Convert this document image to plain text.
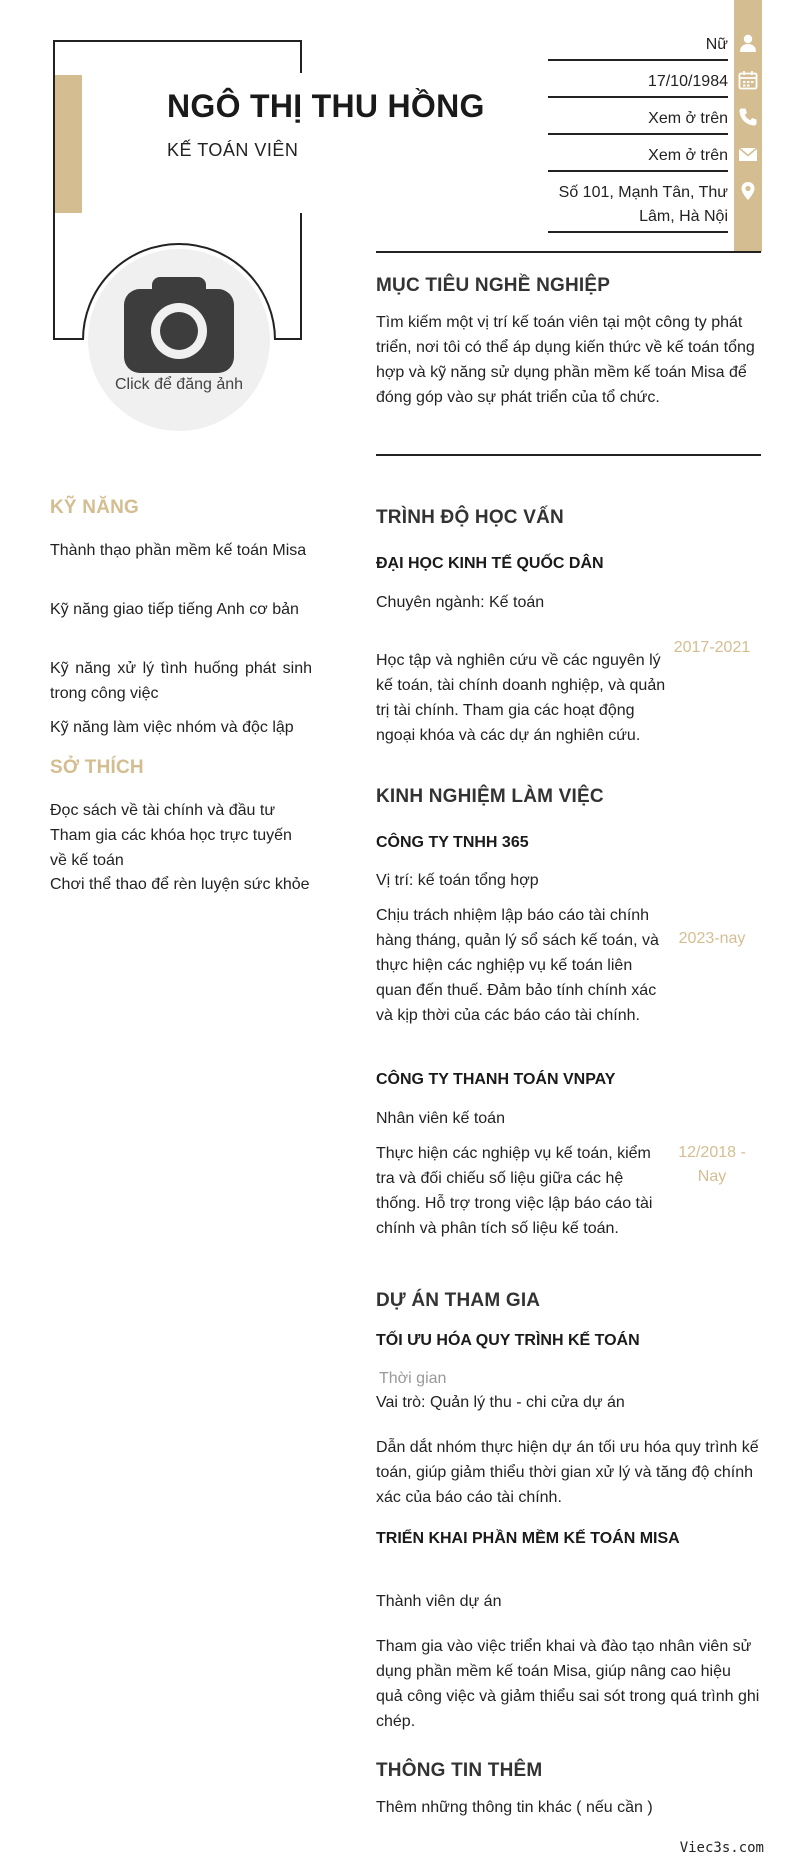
NGÔ THỊ THU HỒNG
KẾ TOÁN VIÊN
Click để đăng ảnh
Nữ
17/10/1984
Xem ở trên
Xem ở trên
Số 101, Mạnh Tân, Thư Lâm, Hà Nội
MỤC TIÊU NGHỀ NGHIỆP
Tìm kiếm một vị trí kế toán viên tại một công ty phát triển, nơi tôi có thể áp dụng kiến thức về kế toán tổng hợp và kỹ năng sử dụng phần mềm kế toán Misa để đóng góp vào sự phát triển của tổ chức.
KỸ NĂNG
Thành thạo phần mềm kế toán Misa
Kỹ năng giao tiếp tiếng Anh cơ bản
Kỹ năng xử lý tình huống phát sinh trong công việc
Kỹ năng làm việc nhóm và độc lập
SỞ THÍCH
Đọc sách về tài chính và đầu tư
Tham gia các khóa học trực tuyến về kế toán
Chơi thể thao để rèn luyện sức khỏe
TRÌNH ĐỘ HỌC VẤN
ĐẠI HỌC KINH TẾ QUỐC DÂN
Chuyên ngành: Kế toán
Học tập và nghiên cứu về các nguyên lý kế toán, tài chính doanh nghiệp, và quản trị tài chính. Tham gia các hoạt động ngoại khóa và các dự án nghiên cứu.
2017-2021
KINH NGHIỆM LÀM VIỆC
CÔNG TY TNHH 365
Vị trí: kế toán tổng hợp
Chịu trách nhiệm lập báo cáo tài chính hàng tháng, quản lý sổ sách kế toán, và thực hiện các nghiệp vụ kế toán liên quan đến thuế. Đảm bảo tính chính xác và kịp thời của các báo cáo tài chính.
2023-nay
CÔNG TY THANH TOÁN VNPAY
Nhân viên kế toán
Thực hiện các nghiệp vụ kế toán, kiểm tra và đối chiếu số liệu giữa các hệ thống. Hỗ trợ trong việc lập báo cáo tài chính và phân tích số liệu kế toán.
12/2018 - Nay
DỰ ÁN THAM GIA
TỐI ƯU HÓA QUY TRÌNH KẾ TOÁN
Thời gian
Vai trò: Quản lý thu - chi cửa dự án
Dẫn dắt nhóm thực hiện dự án tối ưu hóa quy trình kế toán, giúp giảm thiểu thời gian xử lý và tăng độ chính xác của báo cáo tài chính.
TRIỂN KHAI PHẦN MỀM KẾ TOÁN MISA
Thành viên dự án
Tham gia vào việc triển khai và đào tạo nhân viên sử dụng phần mềm kế toán Misa, giúp nâng cao hiệu quả công việc và giảm thiểu sai sót trong quá trình ghi chép.
THÔNG TIN THÊM
Thêm những thông tin khác ( nếu cần )
Viec3s.com
